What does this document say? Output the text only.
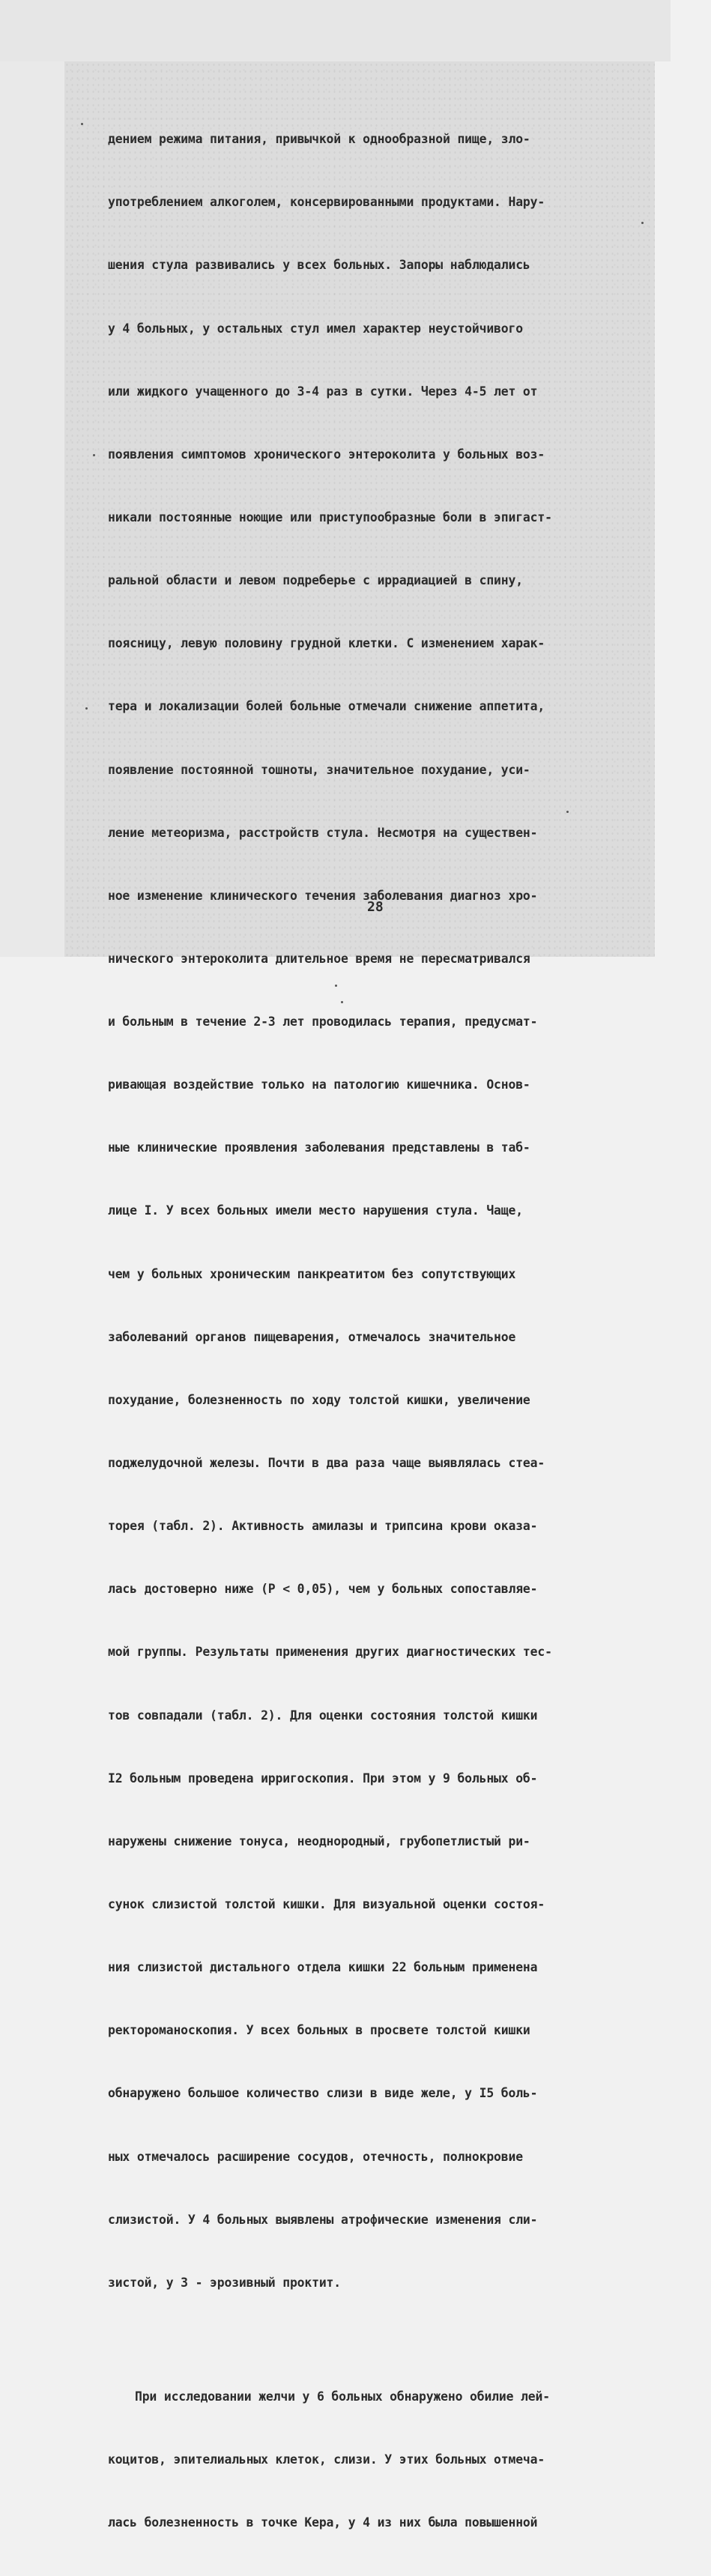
дением режима питания, привычкой к однообразной пище, зло-

употреблением алкоголем, консервированными продуктами. Нару-

шения стула развивались у всех больных. Запоры наблюдались

у 4 больных, у остальных стул имел характер неустойчивого

или жидкого учащенного до 3-4 раз в сутки. Через 4-5 лет от

появления симптомов хронического энтероколита у больных воз-

никали постоянные ноющие или приступообразные боли в эпигаст-

ральной области и левом подреберье с иррадиацией в спину,

поясницу, левую половину грудной клетки. С изменением харак-

тера и локализации болей больные отмечали снижение аппетита,

появление постоянной тошноты, значительное похудание, уси-

ление метеоризма, расстройств стула. Несмотря на существен-

ное изменение клинического течения заболевания диагноз хро-

нического энтероколита длительное время не пересматривался

и больным в течение 2-3 лет проводилась терапия, предусмат-

ривающая воздействие только на патологию кишечника. Основ-

ные клинические проявления заболевания представлены в таб-

лице I. У всех больных имели место нарушения стула. Чаще,

чем у больных хроническим панкреатитом без сопутствующих

заболеваний органов пищеварения, отмечалось значительное

похудание, болезненность по ходу толстой кишки, увеличение

поджелудочной железы. Почти в два раза чаще выявлялась стеа-

торея (табл. 2). Активность амилазы и трипсина крови оказа-

лась достоверно ниже (P < 0,05), чем у больных сопоставляе-

мой группы. Результаты применения других диагностических тес-

тов совпадали (табл. 2). Для оценки состояния толстой кишки

I2 больным проведена ирригоскопия. При этом у 9 больных об-

наружены снижение тонуса, неоднородный, грубопетлистый ри-

сунок слизистой толстой кишки. Для визуальной оценки состоя-

ния слизистой дистального отдела кишки 22 больным применена

ректороманоскопия. У всех больных в просвете толстой кишки

обнаружено большое количество слизи в виде желе, у I5 боль-

ных отмечалось расширение сосудов, отечность, полнокровие

слизистой. У 4 больных выявлены атрофические изменения сли-

зистой, у 3 - эрозивный проктит.

При исследовании желчи у 6 больных обнаружено обилие лей-

коцитов, эпителиальных клеток, слизи. У этих больных отмеча-

лась болезненность в точке Кера, у 4 из них была повышенной

28
